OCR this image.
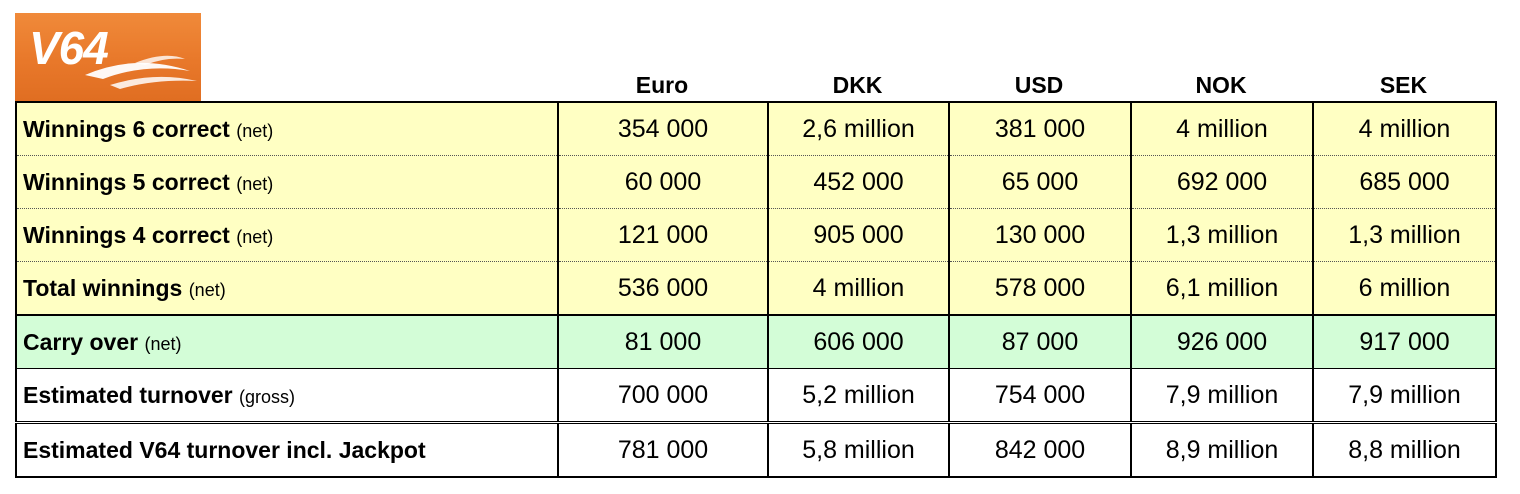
V64
Euro	DKK	USD	NOK	SEK
Winnings 6 correct (net)	354 000	2,6 million	381 000	4 million	4 million
Winnings 5 correct (net)	60 000	452 000	65 000	692 000	685 000
Winnings 4 correct (net)	121 000	905 000	130 000	1,3 million	1,3 million
Total winnings (net)	536 000	4 million	578 000	6,1 million	6 million
Carry over (net)	81 000	606 000	87 000	926 000	917 000
Estimated turnover (gross)	700 000	5,2 million	754 000	7,9 million	7,9 million
Estimated V64 turnover incl. Jackpot	781 000	5,8 million	842 000	8,9 million	8,8 million
